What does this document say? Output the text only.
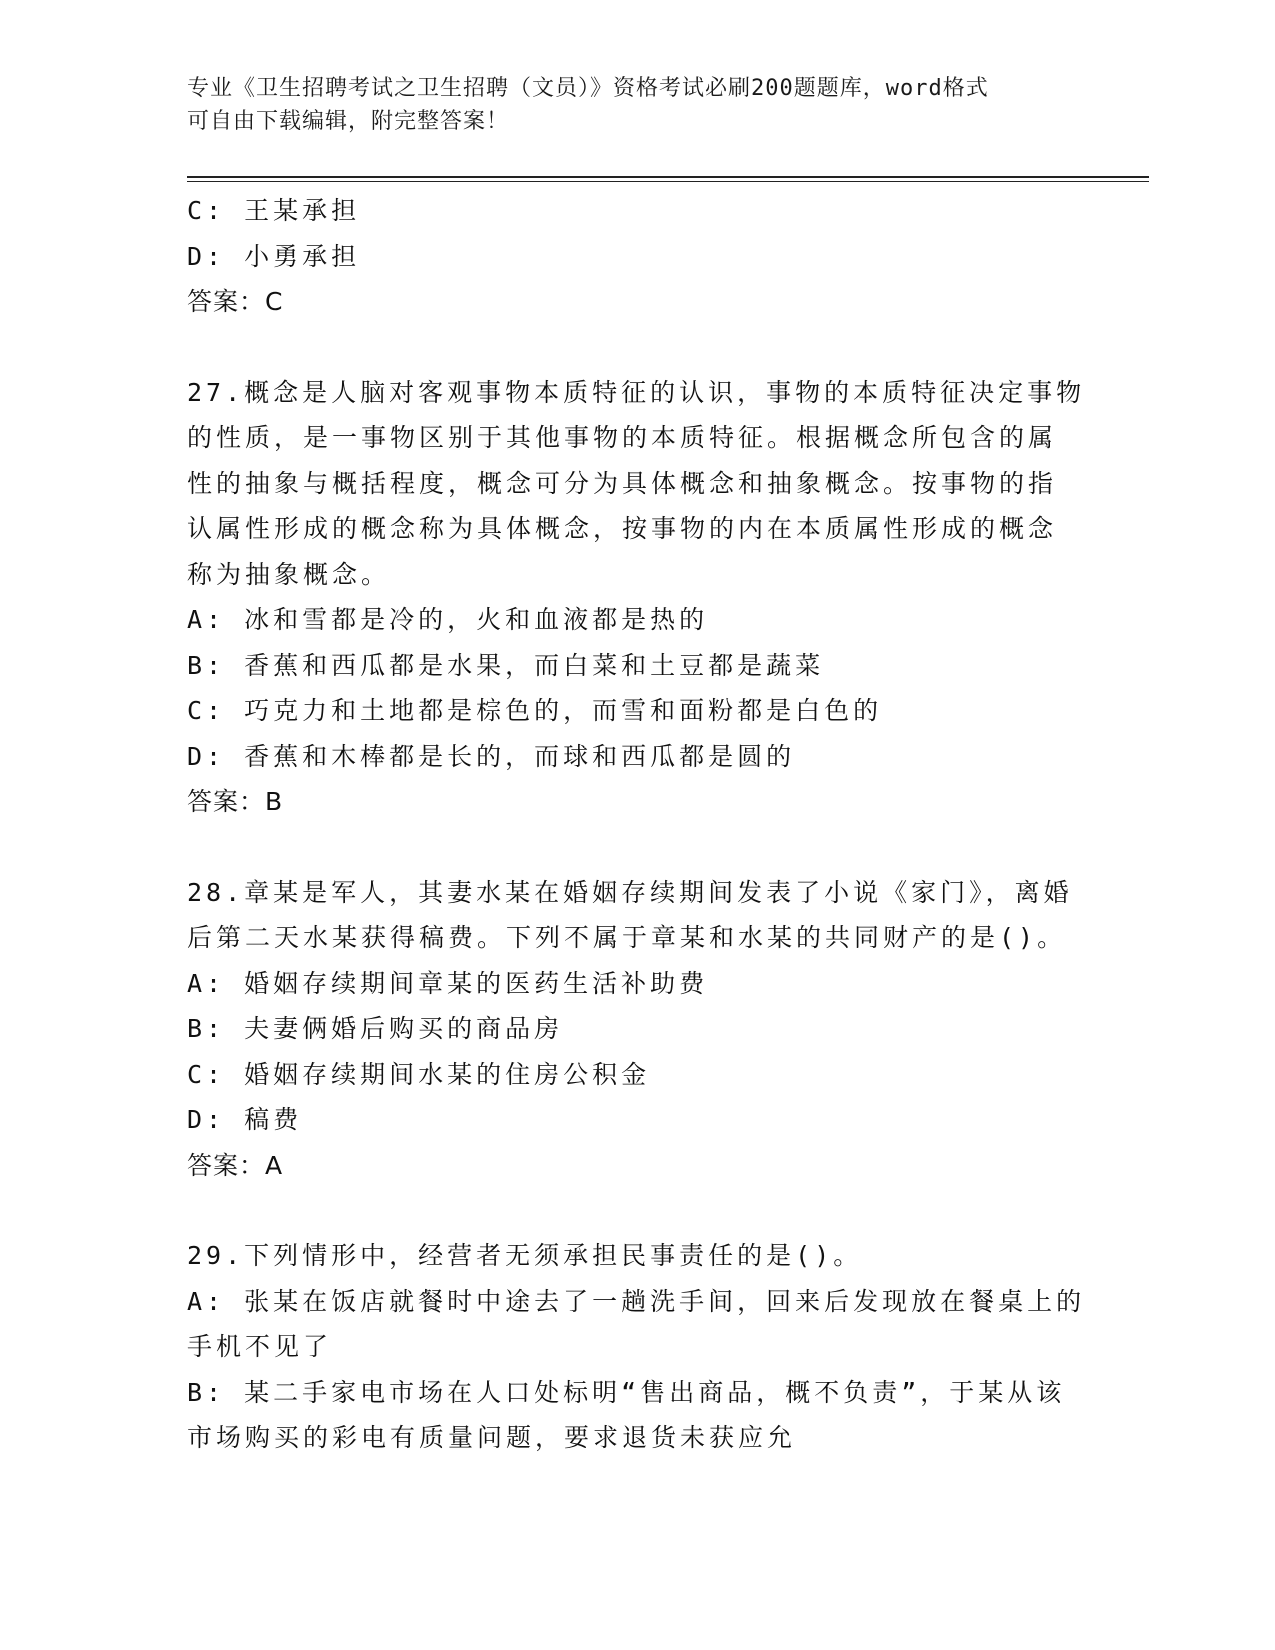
专业《卫生招聘考试之卫生招聘（文员）》资格考试必刷200题题库，word格式
可自由下载编辑，附完整答案！
C: 王某承担
D: 小勇承担
答案：C
27.概念是人脑对客观事物本质特征的认识，事物的本质特征决定事物
的性质，是一事物区别于其他事物的本质特征。根据概念所包含的属
性的抽象与概括程度，概念可分为具体概念和抽象概念。按事物的指
认属性形成的概念称为具体概念，按事物的内在本质属性形成的概念
称为抽象概念。
A: 冰和雪都是冷的，火和血液都是热的
B: 香蕉和西瓜都是水果，而白菜和土豆都是蔬菜
C: 巧克力和土地都是棕色的，而雪和面粉都是白色的
D: 香蕉和木棒都是长的，而球和西瓜都是圆的
答案：B
28.章某是军人，其妻水某在婚姻存续期间发表了小说《家门》，离婚
后第二天水某获得稿费。下列不属于章某和水某的共同财产的是()。
A: 婚姻存续期间章某的医药生活补助费
B: 夫妻俩婚后购买的商品房
C: 婚姻存续期间水某的住房公积金
D: 稿费
答案：A
29.下列情形中，经营者无须承担民事责任的是()。
A: 张某在饭店就餐时中途去了一趟洗手间，回来后发现放在餐桌上的
手机不见了
B: 某二手家电市场在人口处标明“售出商品，概不负责”，于某从该
市场购买的彩电有质量问题，要求退货未获应允
